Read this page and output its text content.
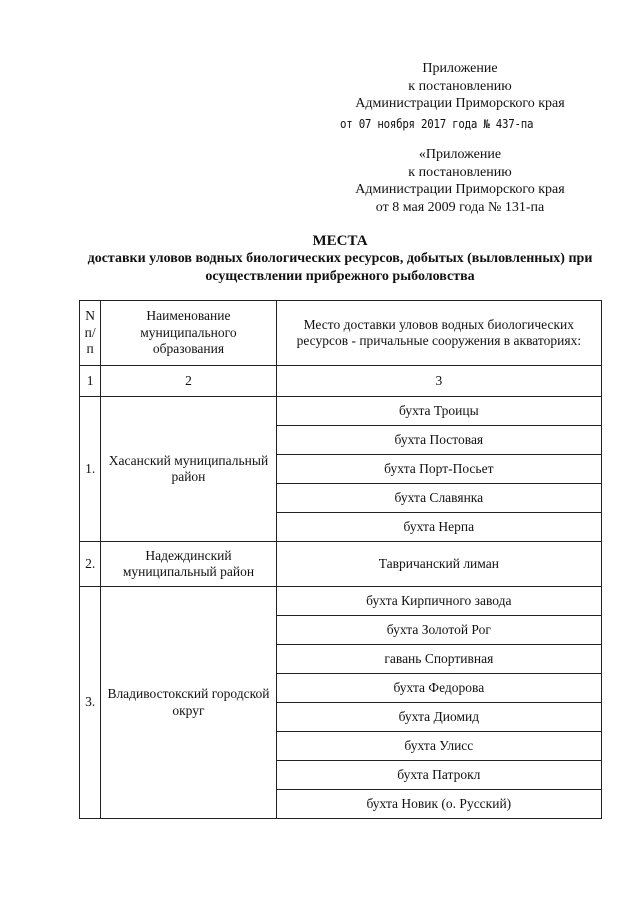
Приложение
к постановлению
Администрации Приморского края
от 07 ноября 2017 года № 437-па
«Приложение
к постановлению
Администрации Приморского края
от 8 мая 2009 года № 131-па
МЕСТА
доставки уловов водных биологических ресурсов, добытых (выловленных) при осуществлении прибрежного рыболовства
N п/п	Наименование муниципального образования	Место доставки уловов водных биологических ресурсов - причальные сооружения в акваториях:
1	2	3
1.	Хасанский муниципальный район	бухта Троицы
		бухта Постовая
		бухта Порт-Посьет
		бухта Славянка
		бухта Нерпа
2.	Надеждинский муниципальный район	Тавричанский лиман
3.	Владивостокский городской округ	бухта Кирпичного завода
		бухта Золотой Рог
		гавань Спортивная
		бухта Федорова
		бухта Диомид
		бухта Улисс
		бухта Патрокл
		бухта Новик (о. Русский)
